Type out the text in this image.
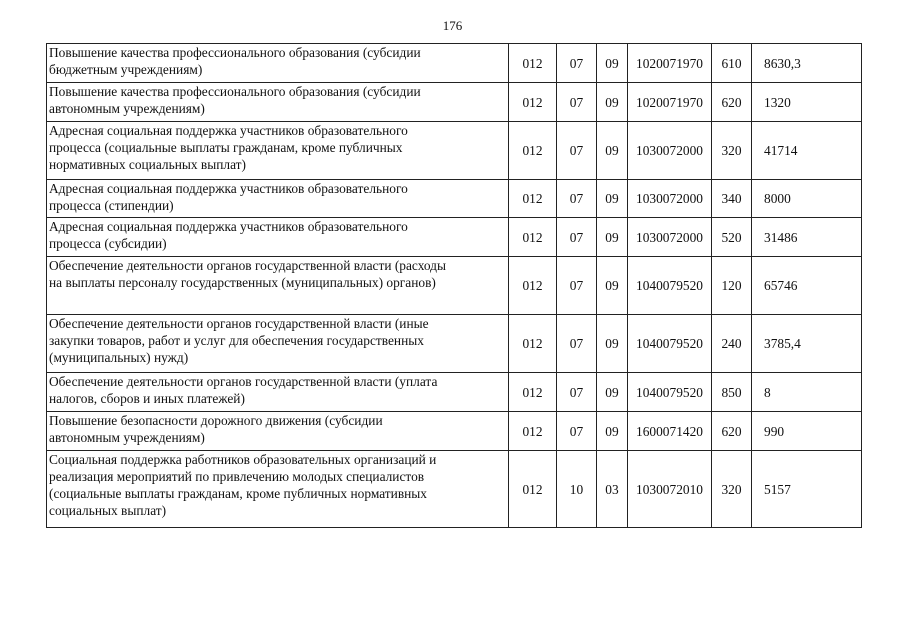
176
Повышение качества профессионального образования (субсидии
бюджетным учреждениям)	012	07	09	1020071970	610	8630,3
Повышение качества профессионального образования (субсидии
автономным учреждениям)	012	07	09	1020071970	620	1320
Адресная социальная поддержка участников образовательного
процесса (социальные выплаты гражданам, кроме публичных
нормативных социальных выплат)	012	07	09	1030072000	320	41714
Адресная социальная поддержка участников образовательного
процесса (стипендии)	012	07	09	1030072000	340	8000
Адресная социальная поддержка участников образовательного
процесса (субсидии)	012	07	09	1030072000	520	31486
Обеспечение деятельности органов государственной власти (расходы
на выплаты персоналу государственных (муниципальных) органов)	012	07	09	1040079520	120	65746
Обеспечение деятельности органов государственной власти (иные
закупки товаров, работ и услуг для обеспечения государственных
(муниципальных) нужд)	012	07	09	1040079520	240	3785,4
Обеспечение деятельности органов государственной власти (уплата
налогов, сборов и иных платежей)	012	07	09	1040079520	850	8
Повышение безопасности дорожного движения (субсидии
автономным учреждениям)	012	07	09	1600071420	620	990
Социальная поддержка работников образовательных организаций и
реализация мероприятий по привлечению молодых специалистов
(социальные выплаты гражданам, кроме публичных нормативных
социальных выплат)	012	10	03	1030072010	320	5157
